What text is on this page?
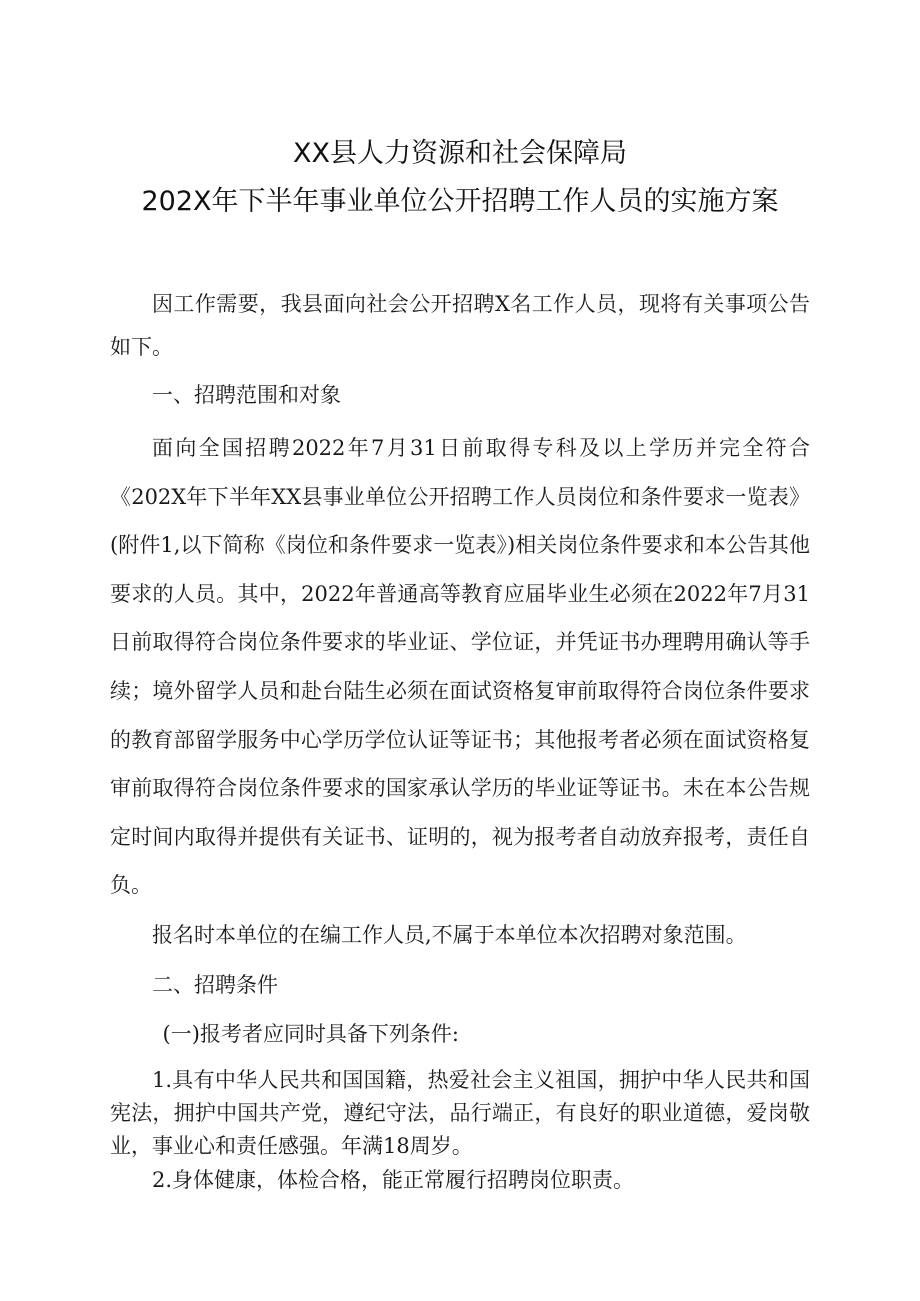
XX县人力资源和社会保障局
202X年下半年事业单位公开招聘工作人员的实施方案

因工作需要，我县面向社会公开招聘X名工作人员，现将有关事项公告如下。

一、招聘范围和对象

面向全国招聘2022年7月31日前取得专科及以上学历并完全符合《202X年下半年XX县事业单位公开招聘工作人员岗位和条件要求一览表》(附件1,以下简称《岗位和条件要求一览表》)相关岗位条件要求和本公告其他要求的人员。其中，2022年普通高等教育应届毕业生必须在2022年7月31日前取得符合岗位条件要求的毕业证、学位证，并凭证书办理聘用确认等手续；境外留学人员和赴台陆生必须在面试资格复审前取得符合岗位条件要求的教育部留学服务中心学历学位认证等证书；其他报考者必须在面试资格复审前取得符合岗位条件要求的国家承认学历的毕业证等证书。未在本公告规定时间内取得并提供有关证书、证明的，视为报考者自动放弃报考，责任自负。

报名时本单位的在编工作人员,不属于本单位本次招聘对象范围。

二、招聘条件

(一)报考者应同时具备下列条件:

1.具有中华人民共和国国籍，热爱社会主义祖国，拥护中华人民共和国宪法，拥护中国共产党，遵纪守法，品行端正，有良好的职业道德，爱岗敬业，事业心和责任感强。年满18周岁。

2.身体健康，体检合格，能正常履行招聘岗位职责。
